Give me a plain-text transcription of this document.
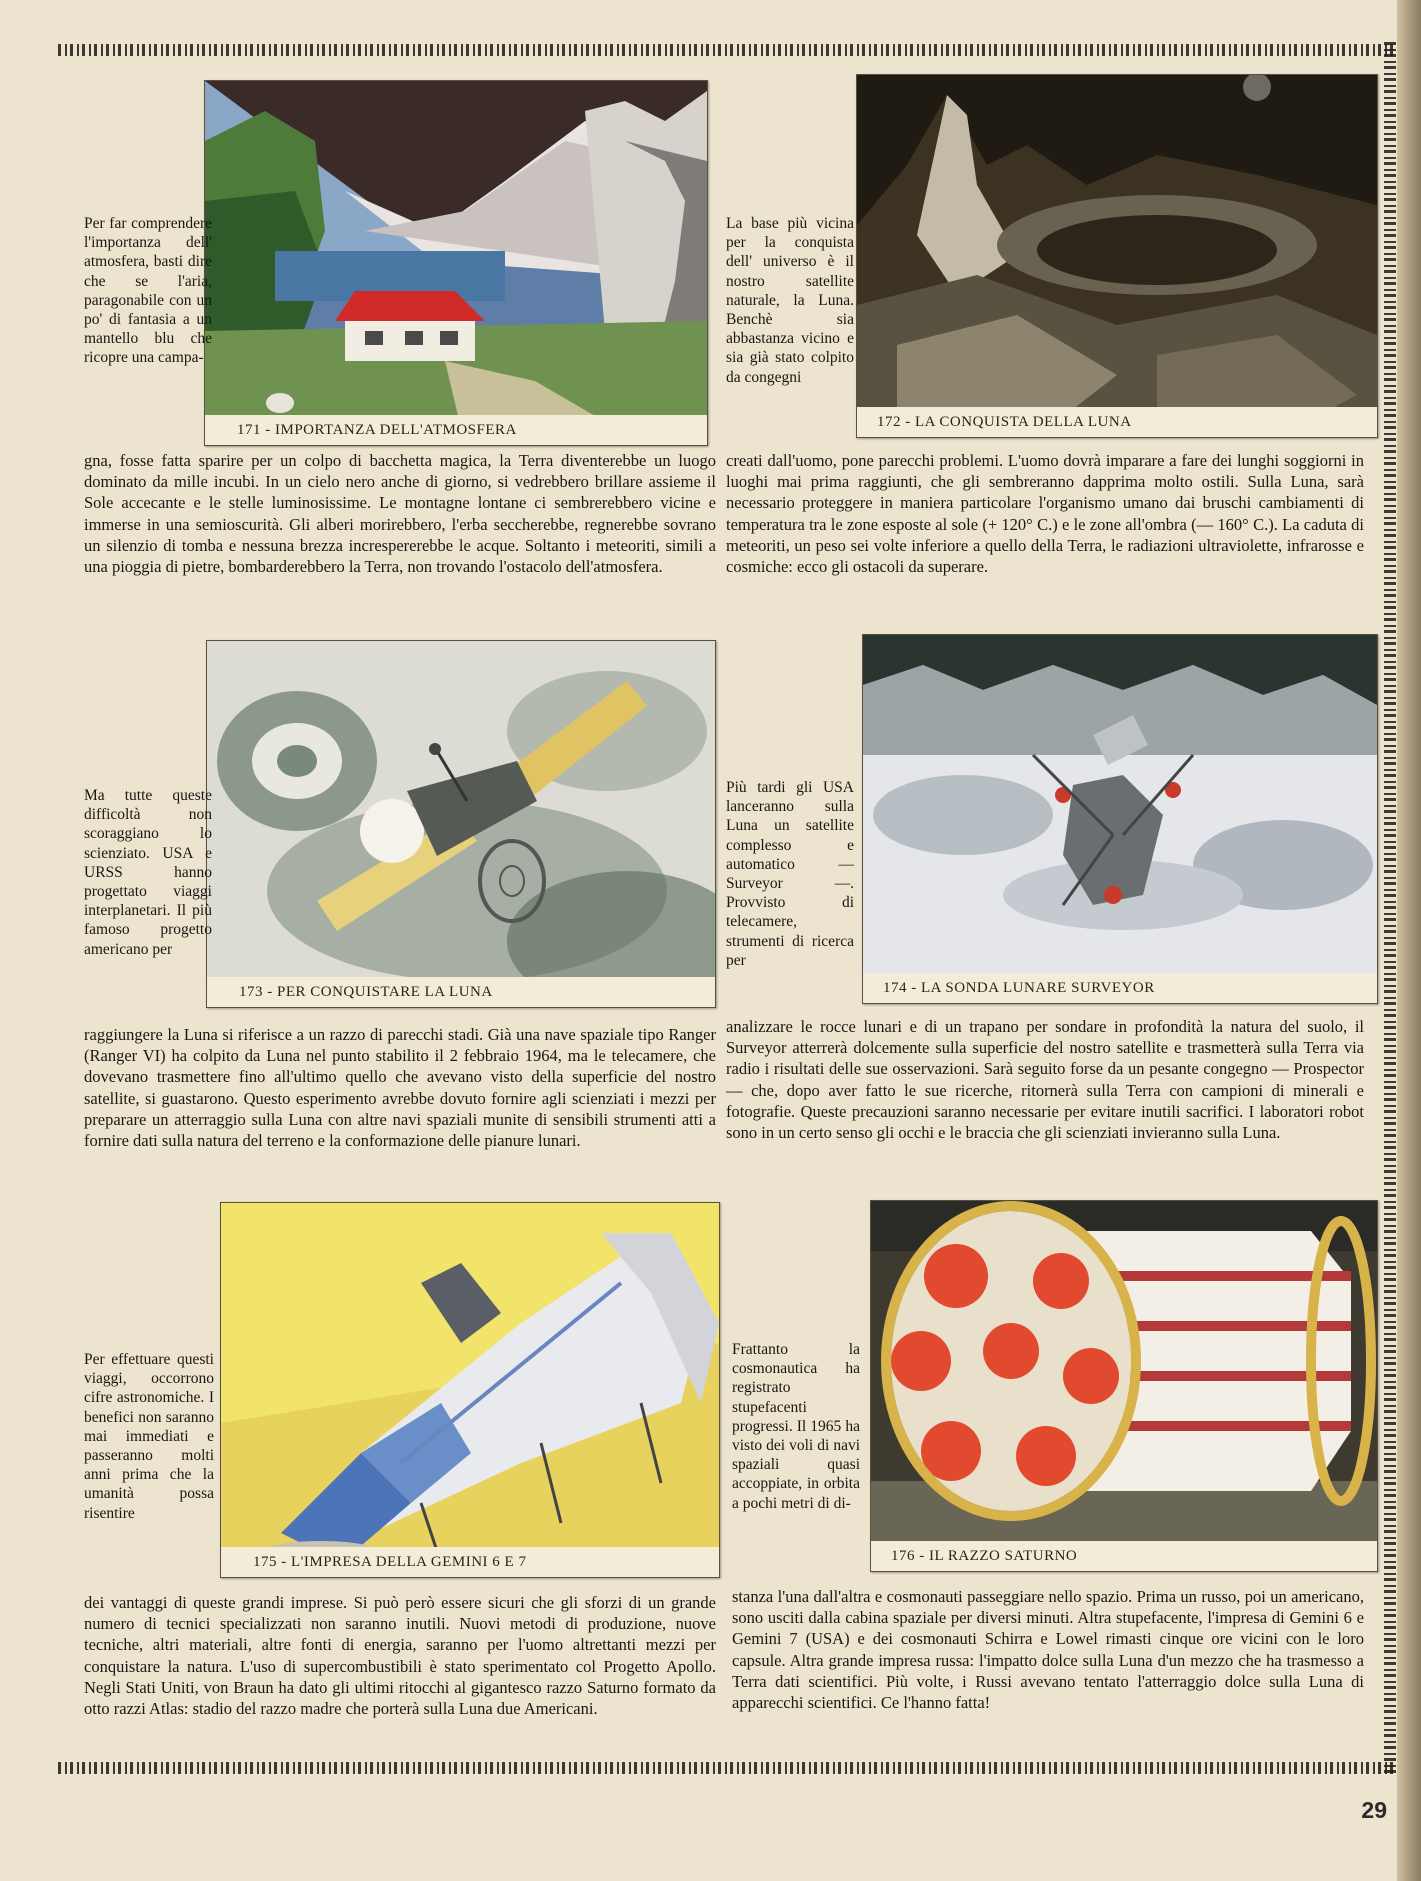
171 - IMPORTANZA DELL'ATMOSFERA	172 - LA CONQUISTA DELLA LUNA

Per far comprendere l'importanza dell' atmosfera, basti dire che se l'aria, paragonabile con un po' di fantasia a un mantello blu che ricopre una campa-

gna, fosse fatta sparire per un colpo di bacchetta magica, la Terra diventerebbe un luogo dominato da mille incubi. In un cielo nero anche di giorno, si vedrebbero brillare assieme il Sole accecante e le stelle luminosissime. Le montagne lontane ci sembrerebbero vicine e immerse in una semioscurità. Gli alberi morirebbero, l'erba seccherebbe, regnerebbe sovrano un silenzio di tomba e nessuna brezza increspererebbe le acque. Soltanto i meteoriti, simili a una pioggia di pietre, bombarderebbero la Terra, non trovando l'ostacolo dell'atmosfera.

La base più vicina per la conquista dell' universo è il nostro satellite naturale, la Luna. Benchè sia abbastanza vicino e sia già stato colpito da congegni

creati dall'uomo, pone parecchi problemi. L'uomo dovrà imparare a fare dei lunghi soggiorni in luoghi mai prima raggiunti, che gli sembreranno dapprima molto ostili. Sulla Luna, sarà necessario proteggere in maniera particolare l'organismo umano dai bruschi cambiamenti di temperatura tra le zone esposte al sole (+ 120° C.) e le zone all'ombra (— 160° C.). La caduta di meteoriti, un peso sei volte inferiore a quello della Terra, le radiazioni ultraviolette, infrarosse e cosmiche: ecco gli ostacoli da superare.

173 - PER CONQUISTARE LA LUNA	174 - LA SONDA LUNARE SURVEYOR

Ma tutte queste difficoltà non scoraggiano lo scienziato. USA e URSS hanno progettato viaggi interplanetari. Il più famoso progetto americano per

raggiungere la Luna si riferisce a un razzo di parecchi stadi. Già una nave spaziale tipo Ranger (Ranger VI) ha colpito da Luna nel punto stabilito il 2 febbraio 1964, ma le telecamere, che dovevano trasmettere fino all'ultimo quello che avevano visto della superficie del nostro satellite, si guastarono. Questo esperimento avrebbe dovuto fornire agli scienziati i mezzi per preparare un atterraggio sulla Luna con altre navi spaziali munite di sensibili strumenti atti a fornire dati sulla natura del terreno e la conformazione delle pianure lunari.

Più tardi gli USA lanceranno sulla Luna un satellite complesso e automatico — Surveyor —. Provvisto di telecamere, strumenti di ricerca per

analizzare le rocce lunari e di un trapano per sondare in profondità la natura del suolo, il Surveyor atterrerà dolcemente sulla superficie del nostro satellite e trasmetterà sulla Terra via radio i risultati delle sue osservazioni. Sarà seguito forse da un pesante congegno — Prospector — che, dopo aver fatto le sue ricerche, ritornerà sulla Terra con campioni di minerali e fotografie. Queste precauzioni saranno necessarie per evitare inutili sacrifici. I laboratori robot sono in un certo senso gli occhi e le braccia che gli scienziati invieranno sulla Luna.

175 - L'IMPRESA DELLA GEMINI 6 E 7	176 - IL RAZZO SATURNO

Per effettuare questi viaggi, occorrono cifre astronomiche. I benefici non saranno mai immediati e passeranno molti anni prima che la umanità possa risentire

dei vantaggi di queste grandi imprese. Si può però essere sicuri che gli sforzi di un grande numero di tecnici specializzati non saranno inutili. Nuovi metodi di produzione, nuove tecniche, altri materiali, altre fonti di energia, saranno per l'uomo altrettanti mezzi per conquistare la natura. L'uso di supercombustibili è stato sperimentato col Progetto Apollo. Negli Stati Uniti, von Braun ha dato gli ultimi ritocchi al gigantesco razzo Saturno formato da otto razzi Atlas: stadio del razzo madre che porterà sulla Luna due Americani.

Frattanto la cosmonautica ha registrato stupefacenti progressi. Il 1965 ha visto dei voli di navi spaziali quasi accoppiate, in orbita a pochi metri di di-

stanza l'una dall'altra e cosmonauti passeggiare nello spazio. Prima un russo, poi un americano, sono usciti dalla cabina spaziale per diversi minuti. Altra stupefacente, l'impresa di Gemini 6 e Gemini 7 (USA) e dei cosmonauti Schirra e Lowel rimasti cinque ore vicini con le loro capsule. Altra grande impresa russa: l'impatto dolce sulla Luna d'un mezzo che ha trasmesso a Terra dati scientifici. Più volte, i Russi avevano tentato l'atterraggio dolce sulla Luna di apparecchi scientifici. Ce l'hanno fatta!

29
